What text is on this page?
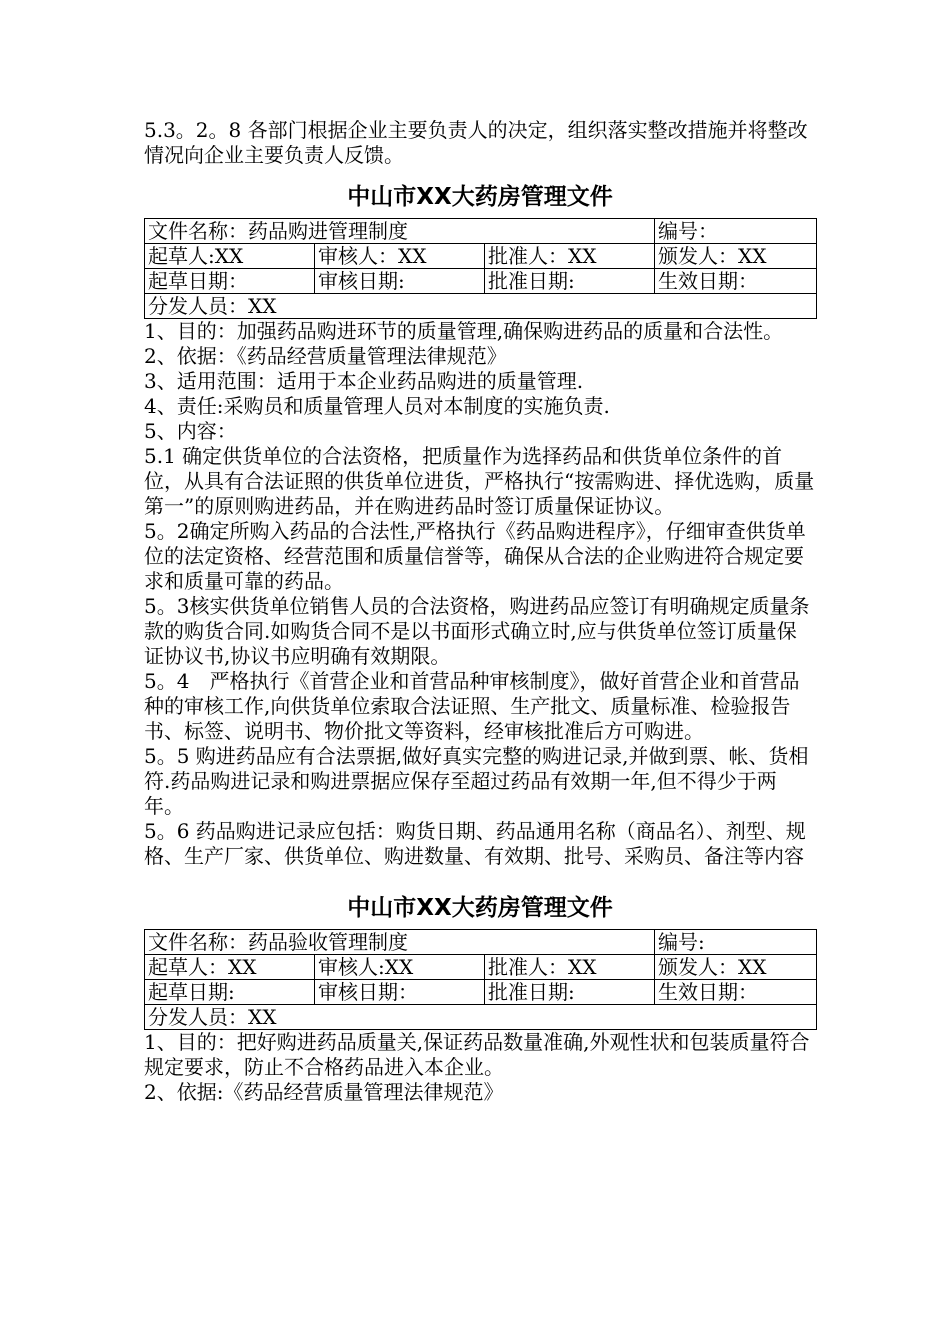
5.3。2。8 各部门根据企业主要负责人的决定，组织落实整改措施并将整改情况向企业主要负责人反馈。

中山市XX大药房管理文件
文件名称：药品购进管理制度			编号：
起草人:XX	审核人：XX	批准人：XX	颁发人：XX
起草日期：	审核日期:	批准日期:	生效日期：
分发人员：XX			

1、目的：加强药品购进环节的质量管理,确保购进药品的质量和合法性。

2、依据：《药品经营质量管理法律规范》

3、适用范围：适用于本企业药品购进的质量管理.

4、责任:采购员和质量管理人员对本制度的实施负责.

5、内容：

5.1 确定供货单位的合法资格，把质量作为选择药品和供货单位条件的首位，从具有合法证照的供货单位进货，严格执行“按需购进、择优选购，质量第一”的原则购进药品，并在购进药品时签订质量保证协议。

5。2确定所购入药品的合法性,严格执行《药品购进程序》，仔细审查供货单位的法定资格、经营范围和质量信誉等，确保从合法的企业购进符合规定要求和质量可靠的药品。

5。3核实供货单位销售人员的合法资格，购进药品应签订有明确规定质量条款的购货合同.如购货合同不是以书面形式确立时,应与供货单位签订质量保证协议书,协议书应明确有效期限。

5。4　严格执行《首营企业和首营品种审核制度》，做好首营企业和首营品种的审核工作,向供货单位索取合法证照、生产批文、质量标准、检验报告书、标签、说明书、物价批文等资料，经审核批准后方可购进。

5。5 购进药品应有合法票据,做好真实完整的购进记录,并做到票、帐、货相符.药品购进记录和购进票据应保存至超过药品有效期一年,但不得少于两年。

5。6 药品购进记录应包括：购货日期、药品通用名称（商品名）、剂型、规格、生产厂家、供货单位、购进数量、有效期、批号、采购员、备注等内容

中山市XX大药房管理文件
文件名称：药品验收管理制度			编号:
起草人：XX	审核人:XX	批准人：XX	颁发人：XX
起草日期:	审核日期：	批准日期:	生效日期：
分发人员：XX			

1、目的：把好购进药品质量关,保证药品数量准确,外观性状和包装质量符合规定要求，防止不合格药品进入本企业。

2、依据:《药品经营质量管理法律规范》
